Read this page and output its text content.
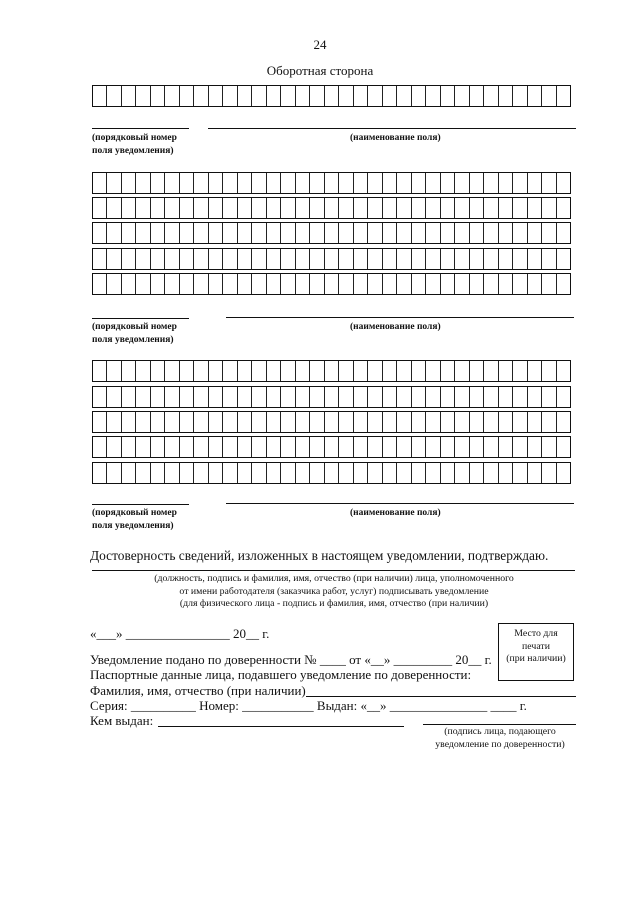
24
Оборотная сторона
(порядковый номер
поля уведомления)
(наименование поля)
(порядковый номер
поля уведомления)
(наименование поля)
(порядковый номер
поля уведомления)
(наименование поля)
Достоверность сведений, изложенных в настоящем уведомлении, подтверждаю.
(должность, подпись и фамилия, имя, отчество (при наличии) лица, уполномоченного
от имени работодателя (заказчика работ, услуг) подписывать уведомление
(для физического лица - подпись и фамилия, имя, отчество (при наличии)
«___» ________________ 20__ г.	Место для
печати
(при наличии)
Уведомление подано по доверенности № ____ от «__» _________ 20__ г.
Паспортные данные лица, подавшего уведомление по доверенности:
Фамилия, имя, отчество (при наличии)
Серия: __________ Номер: ___________ Выдан: «__» _______________ ____ г.
Кем выдан:
(подпись лица, подающего
уведомление по доверенности)
